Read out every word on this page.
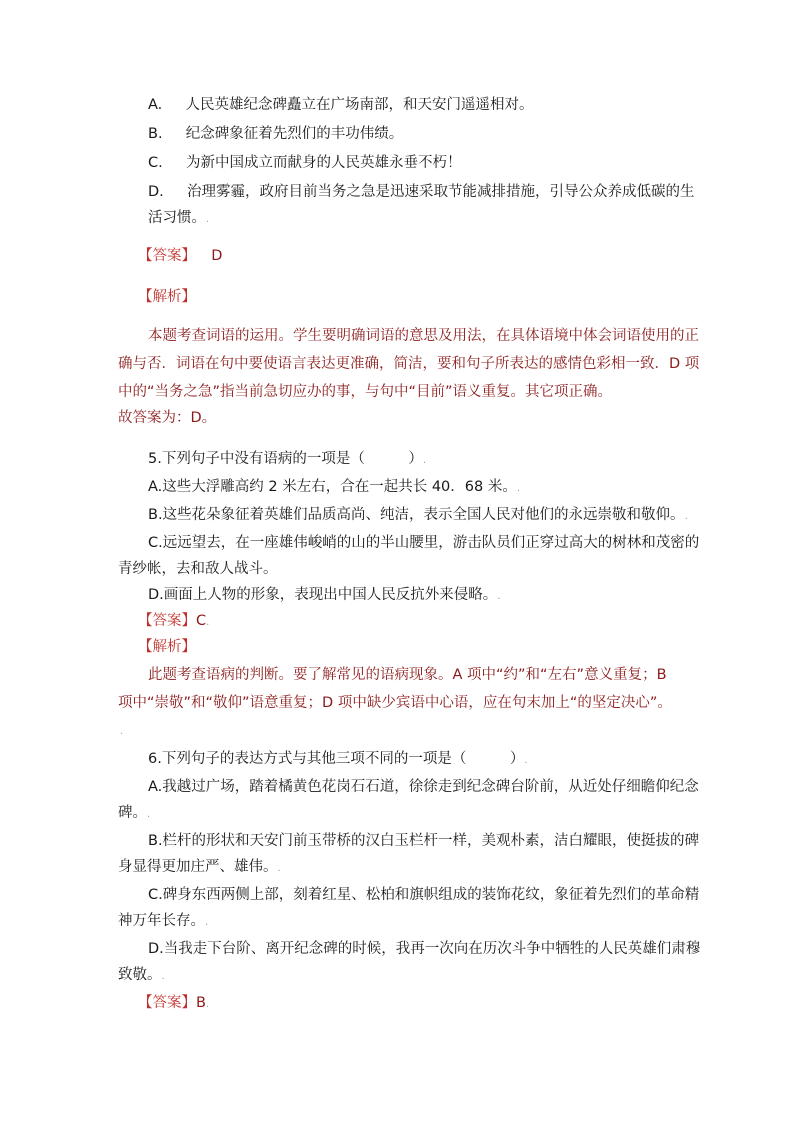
A. 人民英雄纪念碑矗立在广场南部，和天安门遥遥相对。
B. 纪念碑象征着先烈们的丰功伟绩。
C. 为新中国成立而献身的人民英雄永垂不朽！
D. 治理雾霾，政府目前当务之急是迅速采取节能减排措施，引导公众养成低碳的生
活习惯。.
【答案】 D
【解析】
本题考查词语的运用。学生要明确词语的意思及用法，在具体语境中体会词语使用的正
确与否．词语在句中要使语言表达更准确，简洁，要和句子所表达的感情色彩相一致．D 项
中的“当务之急”指当前急切应办的事，与句中“目前”语义重复。其它项正确。
故答案为：D。
5.下列句子中没有语病的一项是（　　　）.
A.这些大浮雕高约 2 米左右，合在一起共长 40．68 米。.
B.这些花朵象征着英雄们品质高尚、纯洁，表示全国人民对他们的永远崇敬和敬仰。.
C.远远望去，在一座雄伟峻峭的山的半山腰里，游击队员们正穿过高大的树林和茂密的
青纱帐，去和敌人战斗。
D.画面上人物的形象，表现出中国人民反抗外来侵略。.
【答案】C.
【解析】
此题考查语病的判断。要了解常见的语病现象。A 项中“约”和“左右”意义重复；B
项中“崇敬”和“敬仰”语意重复；D 项中缺少宾语中心语，应在句末加上“的坚定决心”。
.
6.下列句子的表达方式与其他三项不同的一项是（　　　）.
A.我越过广场，踏着橘黄色花岗石石道，徐徐走到纪念碑台阶前，从近处仔细瞻仰纪念
碑。.
B.栏杆的形状和天安门前玉带桥的汉白玉栏杆一样，美观朴素，洁白耀眼，使挺拔的碑
身显得更加庄严、雄伟。.
C.碑身东西两侧上部，刻着红星、松柏和旗帜组成的装饰花纹，象征着先烈们的革命精
神万年长存。.
D.当我走下台阶、离开纪念碑的时候，我再一次向在历次斗争中牺牲的人民英雄们肃穆
致敬。.
【答案】B.
